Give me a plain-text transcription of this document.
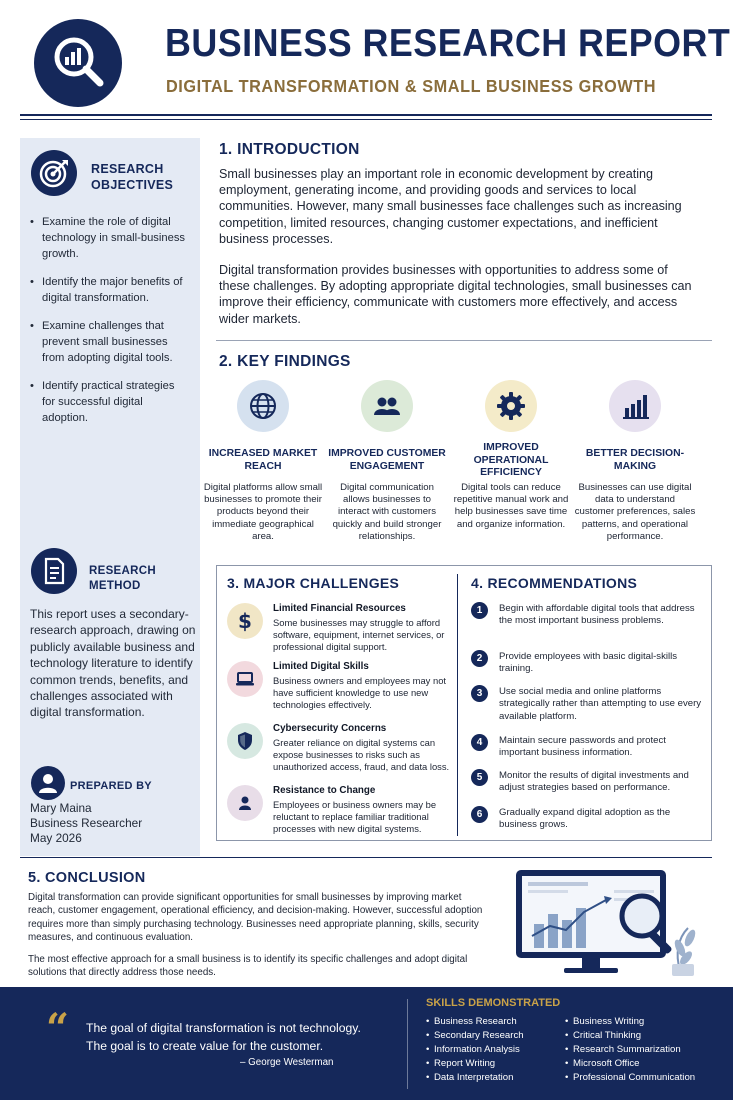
BUSINESS RESEARCH REPORT
DIGITAL TRANSFORMATION & SMALL BUSINESS GROWTH
RESEARCH
OBJECTIVES
• Examine the role of digital technology in small-business growth.
• Identify the major benefits of digital transformation.
• Examine challenges that prevent small businesses from adopting digital tools.
• Identify practical strategies for successful digital adoption.
RESEARCH
METHOD
This report uses a secondary-research approach, drawing on publicly available business and technology literature to identify common trends, benefits, and challenges associated with digital transformation.
PREPARED BY
Mary Maina
Business Researcher
May 2026
1. INTRODUCTION
Small businesses play an important role in economic development by creating employment, generating income, and providing goods and services to local communities. However, many small businesses face challenges such as increasing competition, limited resources, changing customer expectations, and inefficient business processes.
Digital transformation provides businesses with opportunities to address some of these challenges. By adopting appropriate digital technologies, small businesses can improve their efficiency, communicate with customers more effectively, and access wider markets.
2. KEY FINDINGS
INCREASED MARKET REACH
Digital platforms allow small businesses to promote their products beyond their immediate geographical area.
IMPROVED CUSTOMER ENGAGEMENT
Digital communication allows businesses to interact with customers quickly and build stronger relationships.
IMPROVED OPERATIONAL EFFICIENCY
Digital tools can reduce repetitive manual work and help businesses save time and organize information.
BETTER DECISION-MAKING
Businesses can use digital data to understand customer preferences, sales patterns, and operational performance.
3. MAJOR CHALLENGES	4. RECOMMENDATIONS
$
Limited Financial Resources
Some businesses may struggle to afford software, equipment, internet services, or professional digital support.
Limited Digital Skills
Business owners and employees may not have sufficient knowledge to use new technologies effectively.
Cybersecurity Concerns
Greater reliance on digital systems can expose businesses to risks such as unauthorized access, fraud, and data loss.
Resistance to Change
Employees or business owners may be reluctant to replace familiar traditional processes with new digital systems.
1	Begin with affordable digital tools that address the most important business problems.
2	Provide employees with basic digital-skills training.
3	Use social media and online platforms strategically rather than attempting to use every available platform.
4	Maintain secure passwords and protect important business information.
5	Monitor the results of digital investments and adjust strategies based on performance.
6	Gradually expand digital adoption as the business grows.
5. CONCLUSION
Digital transformation can provide significant opportunities for small businesses by improving market reach, customer engagement, operational efficiency, and decision-making. However, successful adoption requires more than simply purchasing technology. Businesses need appropriate planning, skills, security measures, and continuous evaluation.
The most effective approach for a small business is to identify its specific challenges and adopt digital solutions that directly address those needs.
“ The goal of digital transformation is not technology.
The goal is to create value for the customer.
– George Westerman
SKILLS DEMONSTRATED
• Business Research
• Secondary Research
• Information Analysis
• Report Writing
• Data Interpretation
• Business Writing
• Critical Thinking
• Research Summarization
• Microsoft Office
• Professional Communication
